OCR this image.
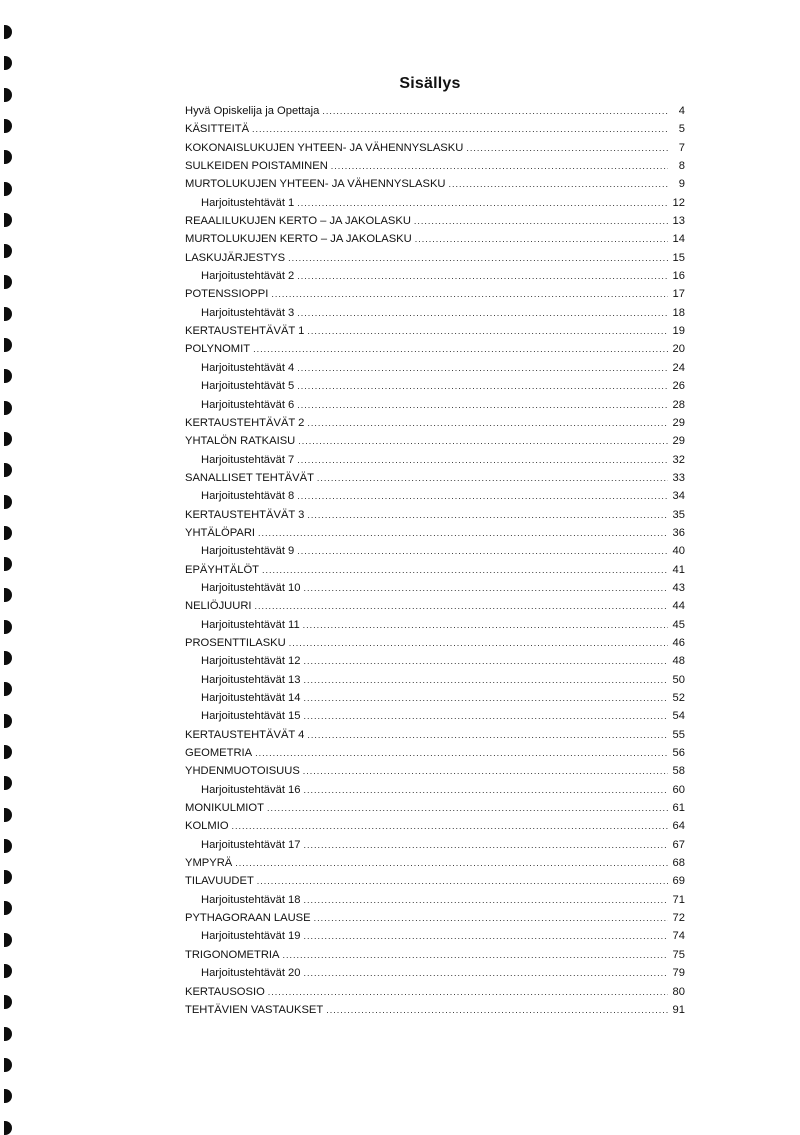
Sisällys
Hyvä Opiskelija ja Opettaja .....	4
KÄSITTEITÄ .....	5
KOKONAISLUKUJEN YHTEEN- JA VÄHENNYSLASKU .....	7
SULKEIDEN POISTAMINEN .....	8
MURTOLUKUJEN YHTEEN- JA VÄHENNYSLASKU .....	9
Harjoitustehtävät 1 .....	12
REAALILUKUJEN KERTO – JA JAKOLASKU .....	13
MURTOLUKUJEN KERTO – JA JAKOLASKU .....	14
LASKUJÄRJESTYS .....	15
Harjoitustehtävät 2 .....	16
POTENSSIOPPI .....	17
Harjoitustehtävät 3 .....	18
KERTAUSTEHTÄVÄT 1 .....	19
POLYNOMIT .....	20
Harjoitustehtävät 4 .....	24
Harjoitustehtävät 5 .....	26
Harjoitustehtävät 6 .....	28
KERTAUSTEHTÄVÄT 2 .....	29
YHTALÖN RATKAISU .....	29
Harjoitustehtävät 7 .....	32
SANALLISET TEHTÄVÄT .....	33
Harjoitustehtävät 8 .....	34
KERTAUSTEHTÄVÄT 3 .....	35
YHTÄLÖPARI .....	36
Harjoitustehtävät 9 .....	40
EPÄYHTÄLÖT .....	41
Harjoitustehtävät 10 .....	43
NELIÖJUURI .....	44
Harjoitustehtävät 11 .....	45
PROSENTTILASKU .....	46
Harjoitustehtävät 12 .....	48
Harjoitustehtävät 13 .....	50
Harjoitustehtävät 14 .....	52
Harjoitustehtävät 15 .....	54
KERTAUSTEHTÄVÄT 4 .....	55
GEOMETRIA .....	56
YHDENMUOTOISUUS .....	58
Harjoitustehtävät 16 .....	60
MONIKULMIOT .....	61
KOLMIO .....	64
Harjoitustehtävät 17 .....	67
YMPYRÄ .....	68
TILAVUUDET .....	69
Harjoitustehtävät 18 .....	71
PYTHAGORAAN LAUSE .....	72
Harjoitustehtävät 19 .....	74
TRIGONOMETRIA .....	75
Harjoitustehtävät 20 .....	79
KERTAUSOSIO .....	80
TEHTÄVIEN VASTAUKSET .....	91
